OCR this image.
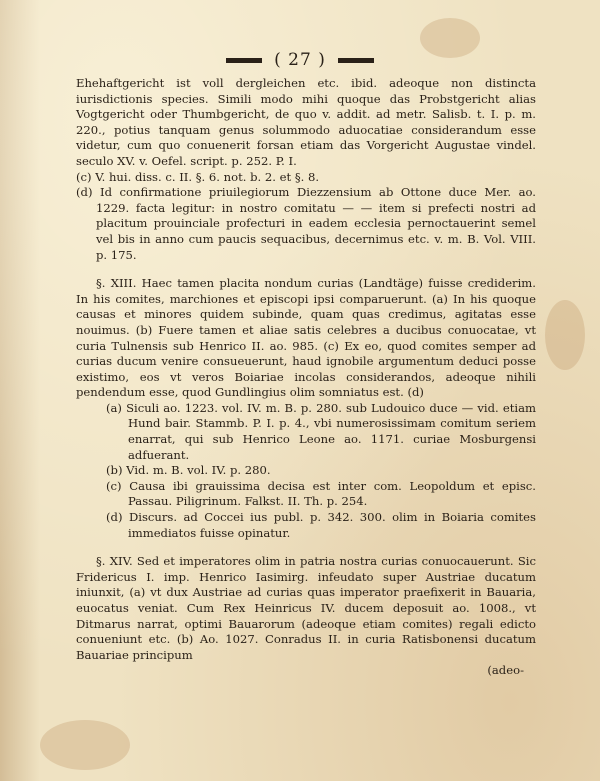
( 27 )

Ehehaftgericht ist voll dergleichen etc. ibid. adeoque non distincta iurisdictionis species. Simili modo mihi quoque das Probstgericht alias Vogtgericht oder Thumbgericht, de quo v. addit. ad metr. Salisb. t. I. p. m. 220., potius tanquam genus solummodo aduocatiae considerandum esse videtur, cum quo conuenerit forsan etiam das Vorgericht Augustae vindel. seculo XV. v. Oefel. script. p. 252. P. I.

(c) V. hui. diss. c. II. §. 6. not. b. 2. et §. 8.

(d) Id confirmatione priuilegiorum Diezzensium ab Ottone duce Mer. ao. 1229. facta legitur: in nostro comitatu — — item si prefecti nostri ad placitum prouinciale profecturi in eadem ecclesia pernoctauerint semel vel bis in anno cum paucis sequacibus, decernimus etc. v. m. B. Vol. VIII. p. 175.

§. XIII. Haec tamen placita nondum curias (Landtäge) fuisse crediderim. In his comites, marchiones et episcopi ipsi comparuerunt. (a) In his quoque causas et minores quidem subinde, quam quas credimus, agitatas esse nouimus. (b) Fuere tamen et aliae satis celebres a ducibus conuocatae, vt curia Tulnensis sub Henrico II. ao. 985. (c) Ex eo, quod comites semper ad curias ducum venire consueuerunt, haud ignobile argumentum deduci posse existimo, eos vt veros Boiariae incolas considerandos, adeoque nihili pendendum esse, quod Gundlingius olim somniatus est. (d)

(a) Siculi ao. 1223. vol. IV. m. B. p. 280. sub Ludouico duce — vid. etiam Hund bair. Stammb. P. I. p. 4., vbi numerosissimam comitum seriem enarrat, qui sub Henrico Leone ao. 1171. curiae Mosburgensi adfuerant.

(b) Vid. m. B. vol. IV. p. 280.

(c) Causa ibi grauissima decisa est inter com. Leopoldum et episc. Passau. Piligrinum. Falkst. II. Th. p. 254.

(d) Discurs. ad Coccei ius publ. p. 342. 300. olim in Boiaria comites immediatos fuisse opinatur.

§. XIV. Sed et imperatores olim in patria nostra curias conuocauerunt. Sic Fridericus I. imp. Henrico Iasimirg. infeudato super Austriae ducatum iniunxit, (a) vt dux Austriae ad curias quas imperator praefixerit in Bauaria, euocatus veniat. Cum Rex Heinricus IV. ducem deposuit ao. 1008., vt Ditmarus narrat, optimi Bauarorum (adeoque etiam comites) regali edicto conueniunt etc. (b) Ao. 1027. Conradus II. in curia Ratisbonensi ducatum Bauariae principum

(adeo-
